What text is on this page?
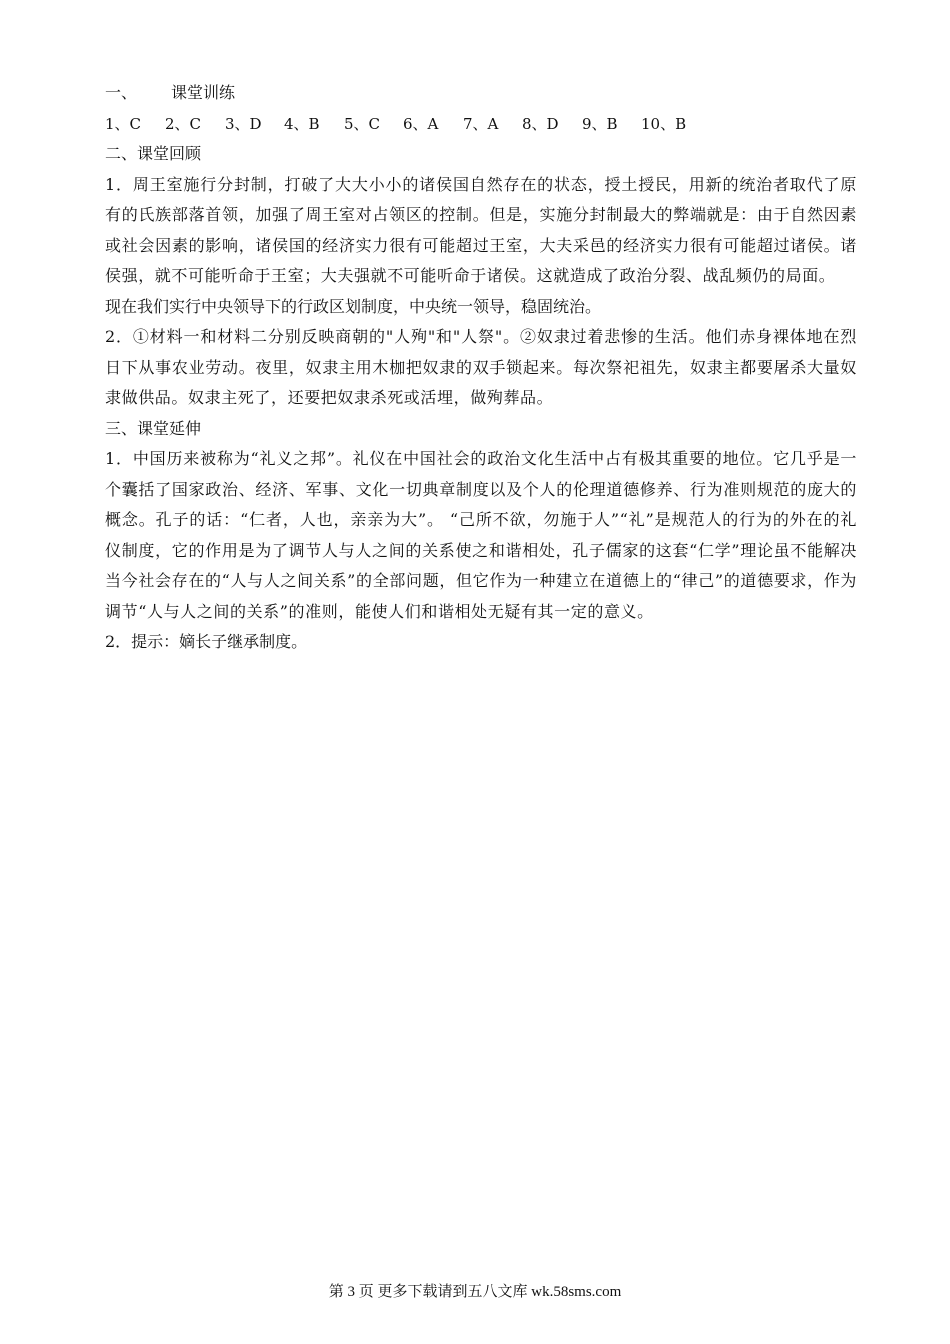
一、 课堂训练
1、C	2、C	3、D	4、B	5、C	6、A	7、A	8、D	9、B	10、B
二、课堂回顾
1．周王室施行分封制，打破了大大小小的诸侯国自然存在的状态，授土授民，用新的统治者取代了原有的氏族部落首领，加强了周王室对占领区的控制。但是，实施分封制最大的弊端就是：由于自然因素或社会因素的影响，诸侯国的经济实力很有可能超过王室，大夫采邑的经济实力很有可能超过诸侯。诸侯强，就不可能听命于王室；大夫强就不可能听命于诸侯。这就造成了政治分裂、战乱频仍的局面。
现在我们实行中央领导下的行政区划制度，中央统一领导，稳固统治。
2．①材料一和材料二分别反映商朝的"人殉"和"人祭"。②奴隶过着悲惨的生活。他们赤身裸体地在烈日下从事农业劳动。夜里，奴隶主用木枷把奴隶的双手锁起来。每次祭祀祖先，奴隶主都要屠杀大量奴隶做供品。奴隶主死了，还要把奴隶杀死或活埋，做殉葬品。
三、课堂延伸
1．中国历来被称为“礼义之邦”。礼仪在中国社会的政治文化生活中占有极其重要的地位。它几乎是一个囊括了国家政治、经济、军事、文化一切典章制度以及个人的伦理道德修养、行为准则规范的庞大的概念。孔子的话：“仁者，人也，亲亲为大”。 “己所不欲，勿施于人”“礼”是规范人的行为的外在的礼仪制度，它的作用是为了调节人与人之间的关系使之和谐相处，孔子儒家的这套“仁学”理论虽不能解决当今社会存在的“人与人之间关系”的全部问题，但它作为一种建立在道德上的“律己”的道德要求，作为调节“人与人之间的关系”的准则，能使人们和谐相处无疑有其一定的意义。
2．提示：嫡长子继承制度。
第 3 页 更多下载请到五八文库 wk.58sms.com
